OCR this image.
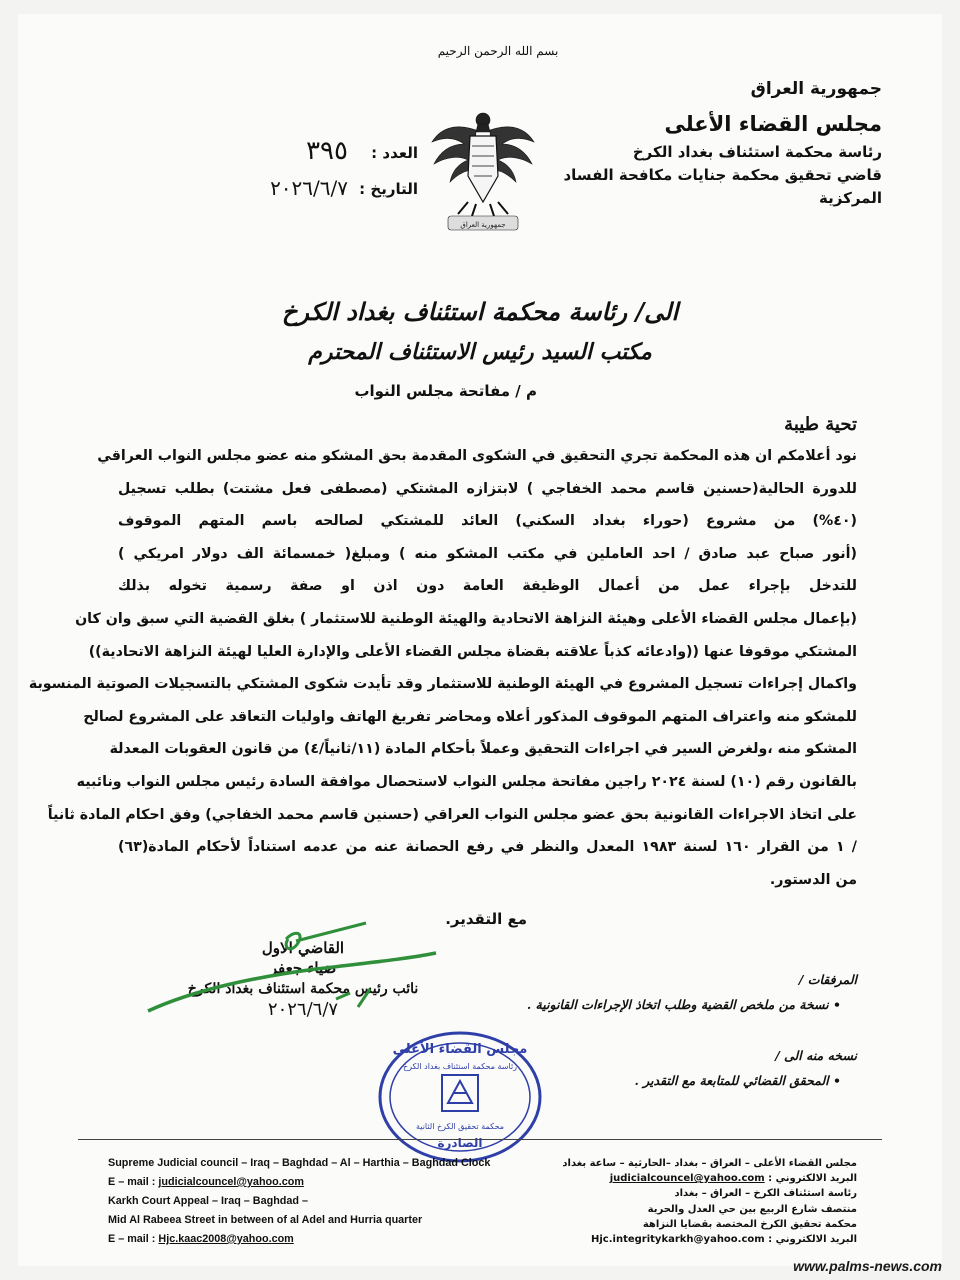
بسم الله الرحمن الرحيم
جمهورية العراق
مجلس القضاء الأعلى
رئاسة محكمة استئناف بغداد الكرخ
قاضي تحقيق محكمة جنايات مكافحة الفساد
المركزية
جمهورية العراق
العدد :
٣٩٥
التاريخ :
٢٠٢٦/٦/٧
الى/ رئاسة محكمة استئناف بغداد الكرخ
مكتب السيد رئيس الاستئناف المحترم
م / مفاتحة مجلس النواب
تحية طيبة
نود أعلامكم ان هذه المحكمة تجري التحقيق في الشكوى المقدمة بحق المشكو منه عضو مجلس النواب العراقي
للدورة الحالية(حسنين قاسم محمد الخفاجي ) لابتزازه المشتكي (مصطفى فعل مشتت) بطلب تسجيل
(٤٠%) من مشروع (حوراء بغداد السكني) العائد للمشتكي لصالحه باسم المتهم الموقوف
(أنور صباح عبد صادق / احد العاملين في مكتب المشكو منه ) ومبلغ( خمسمائة الف دولار امريكي )
للتدخل بإجراء عمل من أعمال الوظيفة العامة دون اذن او صفة رسمية تخوله بذلك
(بإعمال مجلس القضاء الأعلى وهيئة النزاهة الاتحادية والهيئة الوطنية للاستثمار ) بغلق القضية التي سبق وان كان
المشتكي موقوفا عنها ((وادعائه كذباً علاقته بقضاة مجلس القضاء الأعلى والإدارة العليا لهيئة النزاهة الاتحادية))
واكمال إجراءات تسجيل المشروع في الهيئة الوطنية للاستثمار وقد تأيدت شكوى المشتكي بالتسجيلات الصوتية المنسوبة
للمشكو منه واعتراف المتهم الموقوف المذكور أعلاه ومحاضر تفريغ الهاتف واوليات التعاقد على المشروع لصالح
المشكو منه ،ولغرض السير في اجراءات التحقيق وعملاً بأحكام المادة (١١/ثانياً/٤) من قانون العقوبات المعدلة
بالقانون رقم (١٠) لسنة ٢٠٢٤ راجين مفاتحة مجلس النواب لاستحصال موافقة السادة رئيس مجلس النواب ونائبيه
على اتخاذ الاجراءات القانونية بحق عضو مجلس النواب العراقي (حسنين قاسم محمد الخفاجي) وفق احكام المادة ثانياً
/ ١ من القرار ١٦٠ لسنة ١٩٨٣ المعدل والنظر في رفع الحصانة عنه من عدمه استناداً لأحكام المادة(٦٣)
من الدستور.
مع التقدير.
القاضي الاول
ضياء جعفر
نائب رئيس محكمة استئناف بغداد الكرخ
٢٠٢٦/٦/٧
المرفقات /
• نسخة من ملخص القضية وطلب اتخاذ الإجراءات القانونية .
نسخه منه الى /
• المحقق القضائي للمتابعة مع التقدير .
مجلس القضاء الأعلى
رئاسة محكمة استئناف بغداد الكرخ
محكمة تحقيق الكرخ الثانية
الصادرة
Supreme Judicial council – Iraq – Baghdad – Al – Harthia – Baghdad Clock
E – mail : judicialcouncel@yahoo.com
Karkh Court Appeal – Iraq – Baghdad –
Mid Al Rabeea Street in between of al Adel and Hurria quarter
E – mail : Hjc.kaac2008@yahoo.com
مجلس القضاء الأعلى – العراق – بغداد –الحارثية – ساعة بغداد
البريد الالكتروني : judicialcouncel@yahoo.com
رئاسة استئناف الكرخ – العراق – بغداد
منتصف شارع الربيع بين حي العدل والحرية
محكمة تحقيق الكرخ المختصة بقضايا النزاهة
البريد الالكتروني : Hjc.integritykarkh@yahoo.com
www.palms-news.com
